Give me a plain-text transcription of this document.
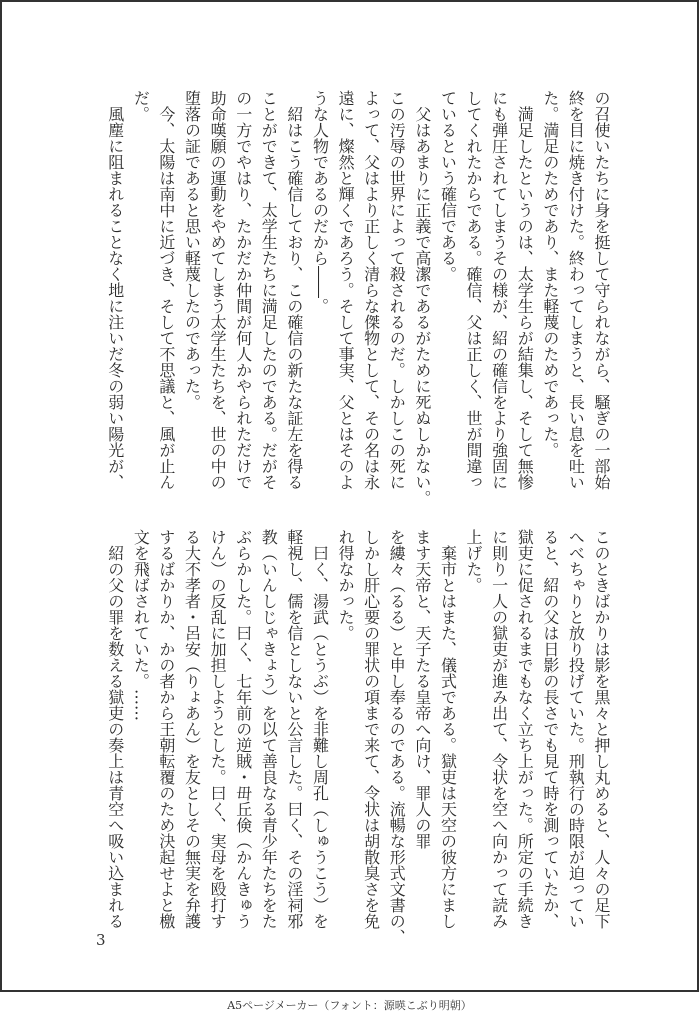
の召使いたちに身を挺して守られながら、騒ぎの一部始
終を目に焼き付けた。終わってしまうと、長い息を吐い
た。満足のためであり、また軽蔑のためであった。
　満足したというのは、太学生らが結集し、そして無惨
にも弾圧されてしまうその様が、紹の確信をより強固に
してくれたからである。確信、父は正しく、世が間違っ
ているという確信である。
　父はあまりに正義で高潔であるがために死ぬしかない。
この汚辱の世界によって殺されるのだ。しかしこの死に
よって、父はより正しく清らな傑物として、その名は永
遠に、燦然と輝くであろう。そして事実、父とはそのよ
うな人物であるのだから――。
　紹はこう確信しており、この確信の新たな証左を得る
ことができて、太学生たちに満足したのである。だがそ
の一方でやはり、たかだか仲間が何人かやられただけで
助命嘆願の運動をやめてしまう太学生たちを、世の中の
堕落の証であると思い軽蔑したのであった。
　今、太陽は南中に近づき、そして不思議と、風が止ん
だ。
　風塵に阻まれることなく地に注いだ冬の弱い陽光が、
このときばかりは影を黒々と押し丸めると、人々の足下
へべちゃりと放り投げていた。刑執行の時限が迫ってい
ると、紹の父は日影の長さでも見て時を測っていたか、
獄吏に促されるまでもなく立ち上がった。所定の手続き
に則り一人の獄吏が進み出て、令状を空へ向かって読み
上げた。
　棄市とはまた、儀式である。獄吏は天空の彼方にまし
ます天帝と、天子たる皇帝へ向け、罪人の罪
を縷々（るる）と申し奉るのである。流暢な形式文書の、
しかし肝心要の罪状の項まで来て、令状は胡散臭さを免
れ得なかった。
　曰く、湯武（とうぶ）を非難し周孔（しゅうこう）を
軽視し、儒を信としないと公言した。曰く、その淫祠邪
教（いんしじゃきょう）を以て善良なる青少年たちをた
ぶらかした。曰く、七年前の逆賊・毌丘倹（かんきゅう
けん）の反乱に加担しようとした。曰く、実母を殴打す
る大不孝者・呂安（りょあん）を友としその無実を弁護
するばかりか、かの者から王朝転覆のため決起せよと檄
文を飛ばされていた。……
　紹の父の罪を数える獄吏の奏上は青空へ吸い込まれる
3
A5ページメーカー（フォント：源暎こぶり明朝）
